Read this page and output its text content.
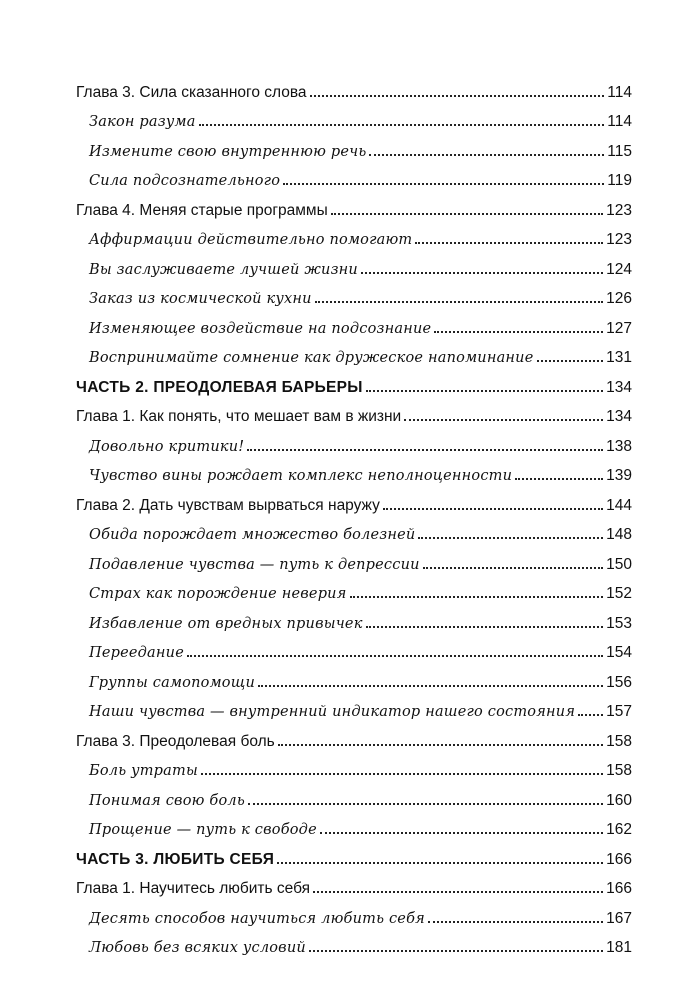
Глава 3. Сила сказанного слова	114
Закон разума	114
Измените свою внутреннюю речь	115
Сила подсознательного	119
Глава 4. Меняя старые программы	123
Аффирмации действительно помогают	123
Вы заслуживаете лучшей жизни	124
Заказ из космической кухни	126
Изменяющее воздействие на подсознание	127
Воспринимайте сомнение как дружеское напоминание	131
ЧАСТЬ 2. ПРЕОДОЛЕВАЯ БАРЬЕРЫ	134
Глава 1. Как понять, что мешает вам в жизни	134
Довольно критики!	138
Чувство вины рождает комплекс неполноценности	139
Глава 2. Дать чувствам вырваться наружу	144
Обида порождает множество болезней	148
Подавление чувства — путь к депрессии	150
Страх как порождение неверия	152
Избавление от вредных привычек	153
Переедание	154
Группы самопомощи	156
Наши чувства — внутренний индикатор нашего состояния 157
Глава 3. Преодолевая боль	158
Боль утраты	158
Понимая свою боль	160
Прощение — путь к свободе	162
ЧАСТЬ 3. ЛЮБИТЬ СЕБЯ	166
Глава 1. Научитесь любить себя	166
Десять способов научиться любить себя	167
Любовь без всяких условий	181
